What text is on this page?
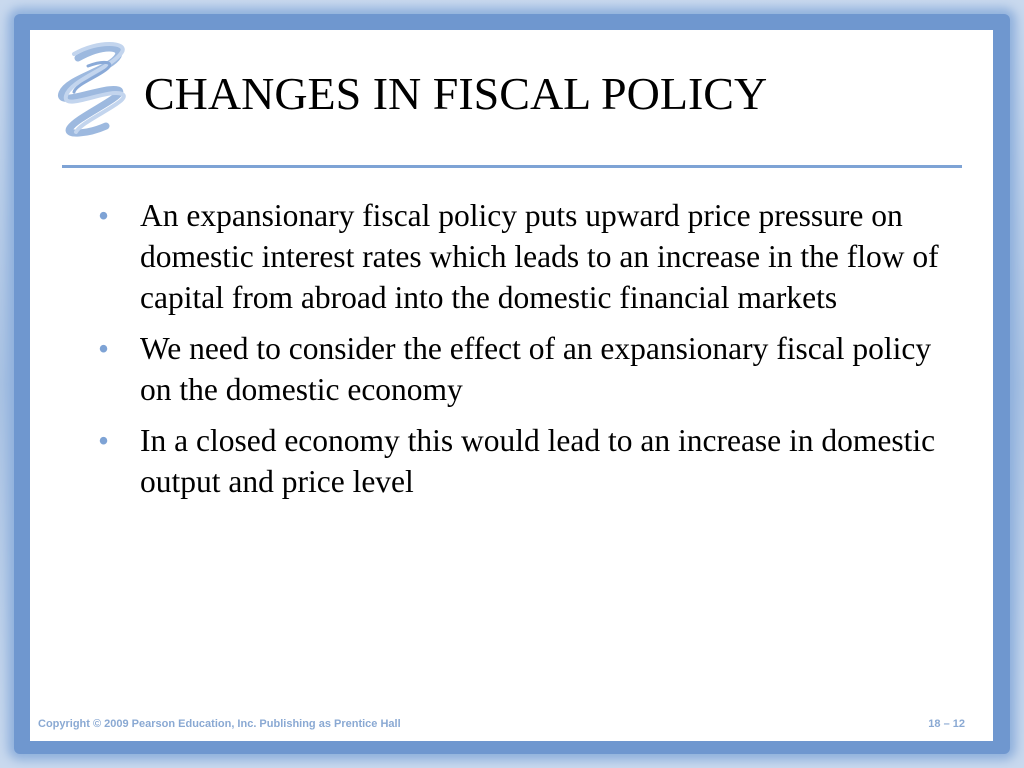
CHANGES IN FISCAL POLICY
• An expansionary fiscal policy puts upward price pressure on domestic interest rates which leads to an increase in the flow of capital from abroad into the domestic financial markets
• We need to consider the effect of an expansionary fiscal policy on the domestic economy
• In a closed economy this would lead to an increase in domestic output and price level
Copyright © 2009 Pearson Education, Inc. Publishing as Prentice Hall	18 – 12
